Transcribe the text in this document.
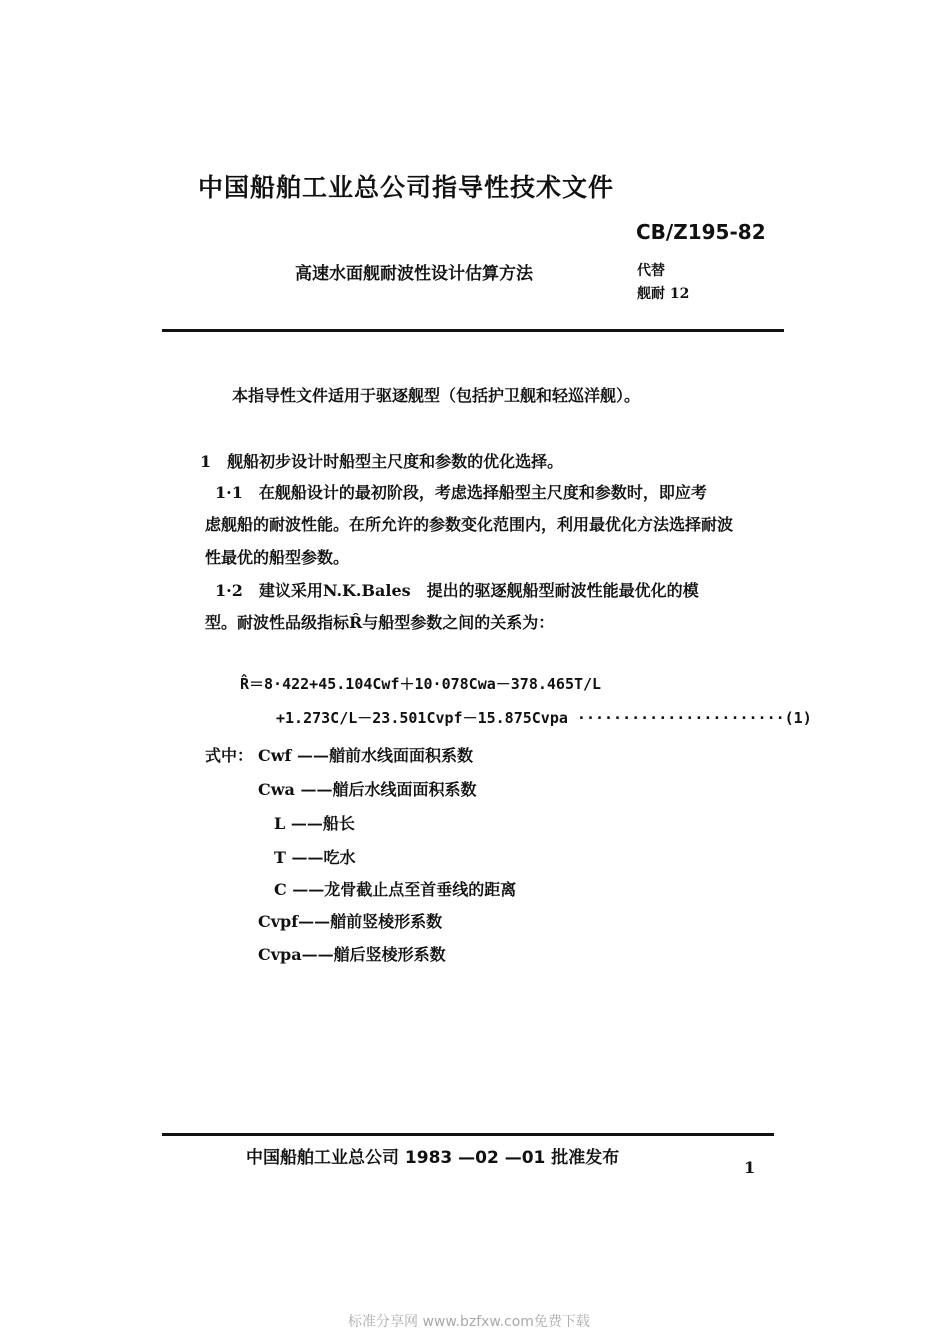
中国船舶工业总公司指导性技术文件
CB/Z195-82
高速水面舰耐波性设计估算方法	代替
舰耐 12
本指导性文件适用于驱逐舰型（包括护卫舰和轻巡洋舰）。
1　舰船初步设计时船型主尺度和参数的优化选择。
1·1　在舰船设计的最初阶段，考虑选择船型主尺度和参数时，即应考
虑舰船的耐波性能。在所允许的参数变化范围内，利用最优化方法选择耐波
性最优的船型参数。
1·2　建议采用N.K.Bales　提出的驱逐舰船型耐波性能最优化的模
型。耐波性品级指标R̂与船型参数之间的关系为：
R̂＝8·422+45.104Cwf＋10·078Cwa－378.465T/L
+1.273C/L－23.501Cvpf－15.875Cvpa ·······················(1)
式中： Cwf ——艏前水线面面积系数
Cwa ——艏后水线面面积系数
L ——船长
T ——吃水
C ——龙骨截止点至首垂线的距离
Cvpf——艏前竖棱形系数
Cvpa——艏后竖棱形系数
中国船舶工业总公司 1983 —02 —01 批准发布	1
标准分享网 www.bzfxw.com免费下载
